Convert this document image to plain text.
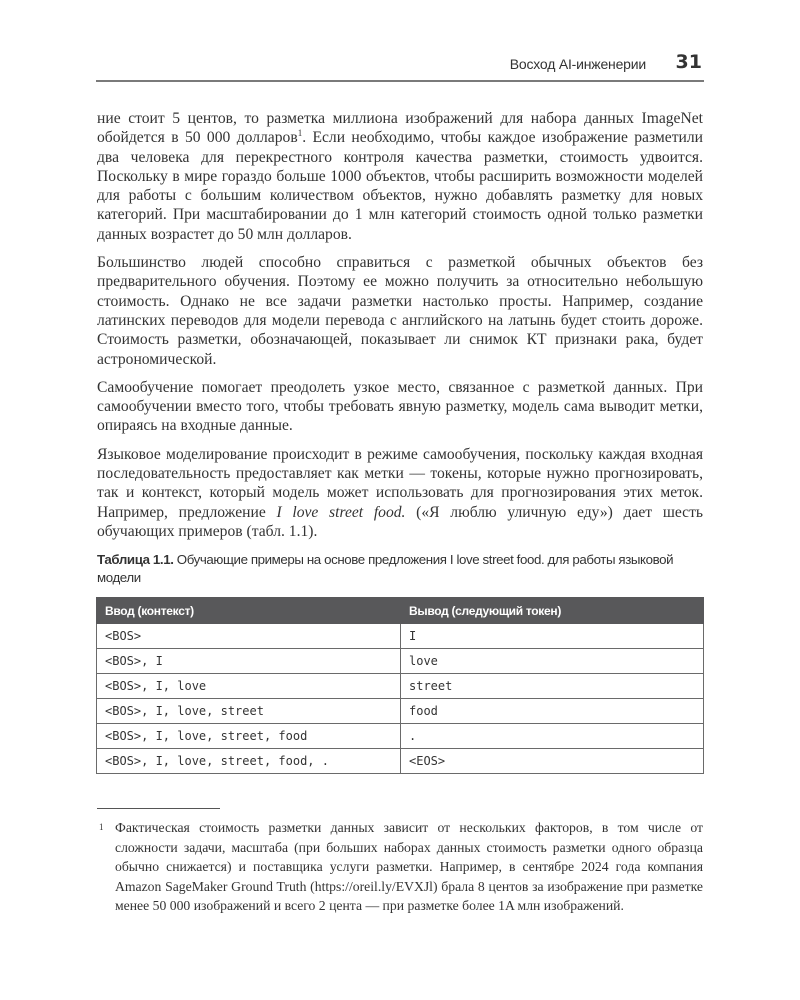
Восход AI-инженерии 31

ние стоит 5 центов, то разметка миллиона изображений для набора данных ImageNet обойдется в 50 000 долларов$^1$. Если необходимо, чтобы каждое изображение разметили два человека для перекрестного контроля качества разметки, стоимость удвоится. Поскольку в мире гораздо больше 1000 объектов, чтобы расширить возможности моделей для работы с большим количеством объектов, нужно добавлять разметку для новых категорий. При масштабировании до 1 млн категорий стоимость одной только разметки данных возрастет до 50 млн долларов.

Большинство людей способно справиться с разметкой обычных объектов без предварительного обучения. Поэтому ее можно получить за относительно небольшую стоимость. Однако не все задачи разметки настолько просты. Например, создание латинских переводов для модели перевода с английского на латынь будет стоить дороже. Стоимость разметки, обозначающей, показывает ли снимок КТ признаки рака, будет астрономической.

Самообучение помогает преодолеть узкое место, связанное с разметкой данных. При самообучении вместо того, чтобы требовать явную разметку, модель сама выводит метки, опираясь на входные данные.

Языковое моделирование происходит в режиме самообучения, поскольку каждая входная последовательность предоставляет как метки — токены, которые нужно прогнозировать, так и контекст, который модель может использовать для прогнозирования этих меток. Например, предложение I love street food. («Я люблю уличную еду») дает шесть обучающих примеров (табл. 1.1).

Таблица 1.1. Обучающие примеры на основе предложения I love street food. для работы языковой модели
Ввод (контекст)	Вывод (следующий токен)
<BOS>	I
<BOS>, I	love
<BOS>, I, love	street
<BOS>, I, love, street	food
<BOS>, I, love, street, food	.
<BOS>, I, love, street, food, .	<EOS>
1 Фактическая стоимость разметки данных зависит от нескольких факторов, в том числе от сложности задачи, масштаба (при больших наборах данных стоимость разметки одного образца обычно снижается) и поставщика услуги разметки. Например, в сентябре 2024 года компания Amazon SageMaker Ground Truth (https://oreil.ly/EVXJl) брала 8 центов за изображение при разметке менее 50 000 изображений и всего 2 цента — при разметке более 1A млн изображений.
